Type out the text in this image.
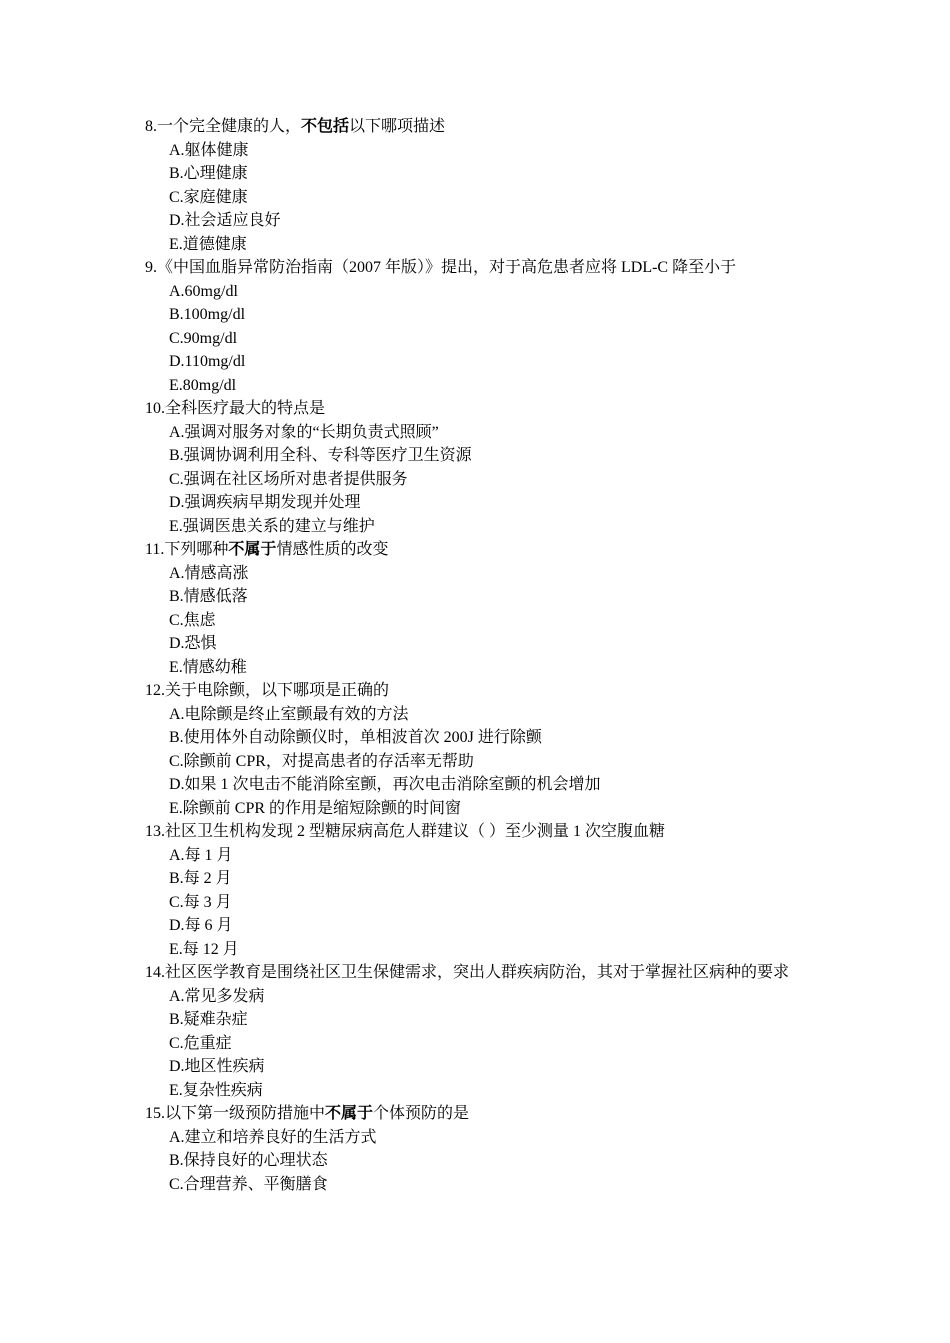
8.一个完全健康的人，不包括以下哪项描述
A.躯体健康
B.心理健康
C.家庭健康
D.社会适应良好
E.道德健康
9.《中国血脂异常防治指南（2007 年版）》提出，对于高危患者应将 LDL-C 降至小于
A.60mg/dl
B.100mg/dl
C.90mg/dl
D.110mg/dl
E.80mg/dl
10.全科医疗最大的特点是
A.强调对服务对象的“长期负责式照顾”
B.强调协调利用全科、专科等医疗卫生资源
C.强调在社区场所对患者提供服务
D.强调疾病早期发现并处理
E.强调医患关系的建立与维护
11.下列哪种不属于情感性质的改变
A.情感高涨
B.情感低落
C.焦虑
D.恐惧
E.情感幼稚
12.关于电除颤，以下哪项是正确的
A.电除颤是终止室颤最有效的方法
B.使用体外自动除颤仪时，单相波首次 200J 进行除颤
C.除颤前 CPR，对提高患者的存活率无帮助
D.如果 1 次电击不能消除室颤，再次电击消除室颤的机会增加
E.除颤前 CPR 的作用是缩短除颤的时间窗
13.社区卫生机构发现 2 型糖尿病高危人群建议（ ）至少测量 1 次空腹血糖
A.每 1 月
B.每 2 月
C.每 3 月
D.每 6 月
E.每 12 月
14.社区医学教育是围绕社区卫生保健需求，突出人群疾病防治，其对于掌握社区病种的要求
A.常见多发病
B.疑难杂症
C.危重症
D.地区性疾病
E.复杂性疾病
15.以下第一级预防措施中不属于个体预防的是
A.建立和培养良好的生活方式
B.保持良好的心理状态
C.合理营养、平衡膳食
